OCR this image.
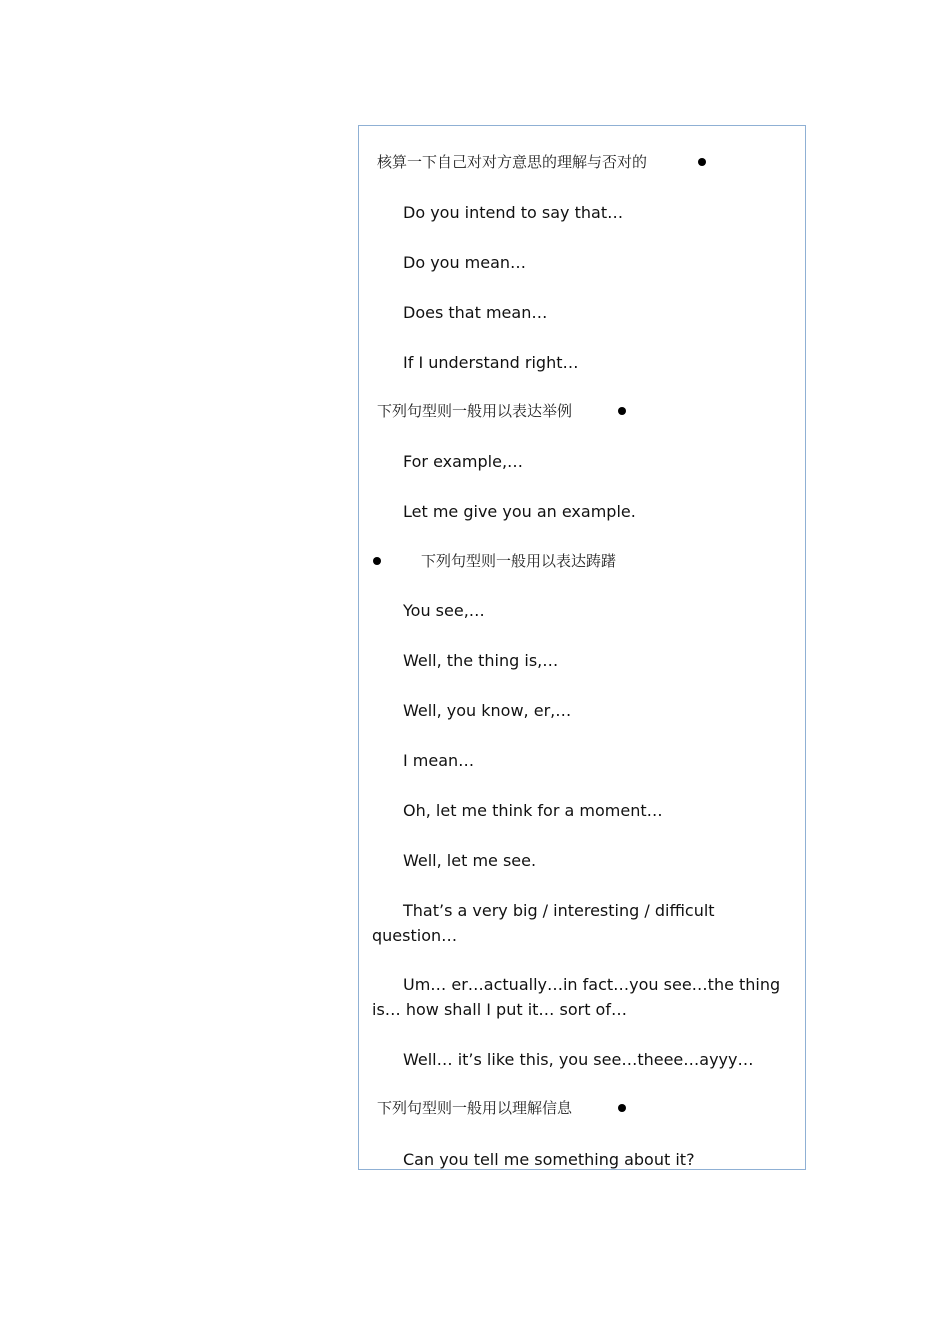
核算一下自己对对方意思的理解与否对的
Do you intend to say that…
Do you mean…
Does that mean…
If I understand right…
下列句型则一般用以表达举例
For example,…
Let me give you an example.
下列句型则一般用以表达踌躇
You see,…
Well, the thing is,…
Well, you know, er,…
I mean…
Oh, let me think for a moment…
Well, let me see.
That’s a very big / interesting / difficult question…
Um… er…actually…in fact…you see…the thing is… how shall I put it… sort of…
Well… it’s like this, you see…theee…ayyy…
下列句型则一般用以理解信息
Can you tell me something about it?
